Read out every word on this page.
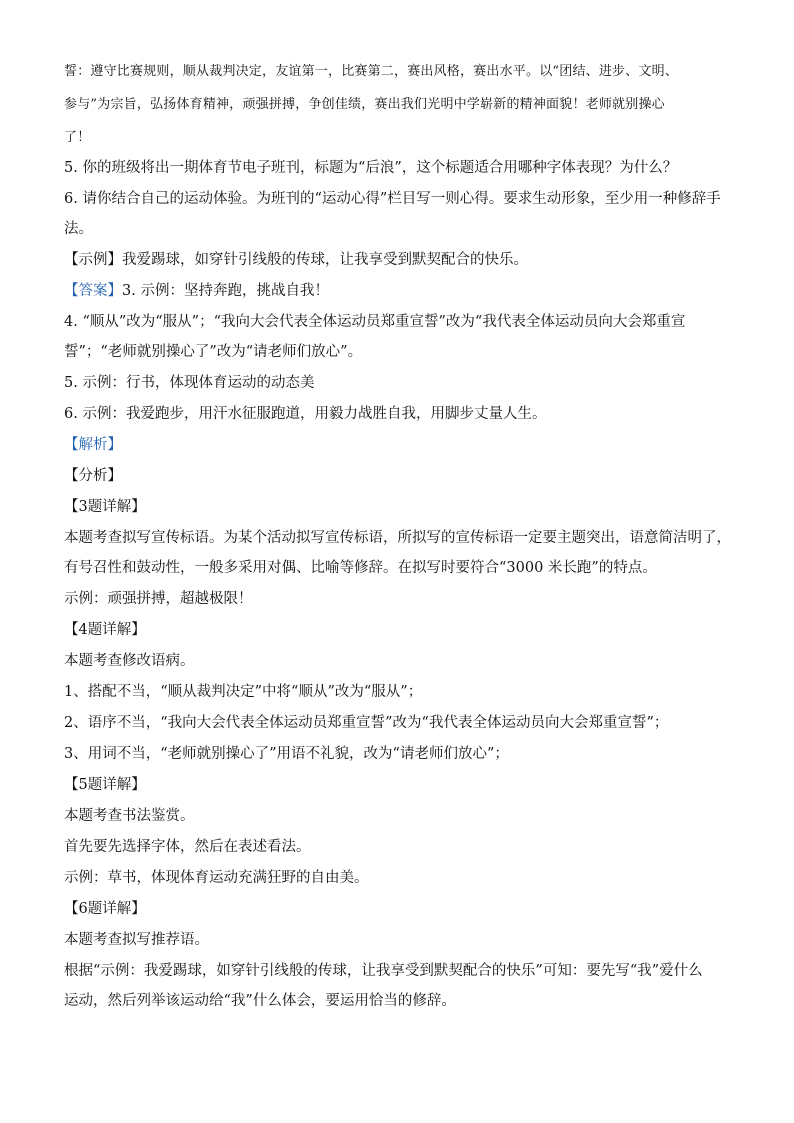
誓：遵守比赛规则，顺从裁判决定，友谊第一，比赛第二，赛出风格，赛出水平。以“团结、进步、文明、

参与”为宗旨，弘扬体育精神，顽强拼搏，争创佳绩，赛出我们光明中学崭新的精神面貌！老师就别操心

了！

5. 你的班级将出一期体育节电子班刊，标题为“后浪”，这个标题适合用哪种字体表现？为什么？

6. 请你结合自己的运动体验。为班刊的“运动心得”栏目写一则心得。要求生动形象，至少用一种修辞手

法。

【示例】我爱踢球，如穿针引线般的传球，让我享受到默契配合的快乐。

【答案】3. 示例：坚持奔跑，挑战自我！

4. “顺从”改为“服从”；“我向大会代表全体运动员郑重宣誓”改为“我代表全体运动员向大会郑重宣

誓”；“老师就别操心了”改为“请老师们放心”。

5. 示例：行书，体现体育运动的动态美

6. 示例：我爱跑步，用汗水征服跑道，用毅力战胜自我，用脚步丈量人生。

【解析】

【分析】

【3题详解】

本题考查拟写宣传标语。为某个活动拟写宣传标语，所拟写的宣传标语一定要主题突出，语意简洁明了，

有号召性和鼓动性，一般多采用对偶、比喻等修辞。在拟写时要符合“3000 米长跑”的特点。

示例：顽强拼搏，超越极限！

【4题详解】

本题考查修改语病。

1、搭配不当，“顺从裁判决定”中将“顺从”改为“服从”；

2、语序不当，“我向大会代表全体运动员郑重宣誓”改为“我代表全体运动员向大会郑重宣誓”；

3、用词不当，“老师就别操心了”用语不礼貌，改为“请老师们放心”；

【5题详解】

本题考查书法鉴赏。

首先要先选择字体，然后在表述看法。

示例：草书，体现体育运动充满狂野的自由美。

【6题详解】

本题考查拟写推荐语。

根据“示例：我爱踢球，如穿针引线般的传球，让我享受到默契配合的快乐”可知：要先写“我”爱什么

运动，然后列举该运动给“我”什么体会，要运用恰当的修辞。
